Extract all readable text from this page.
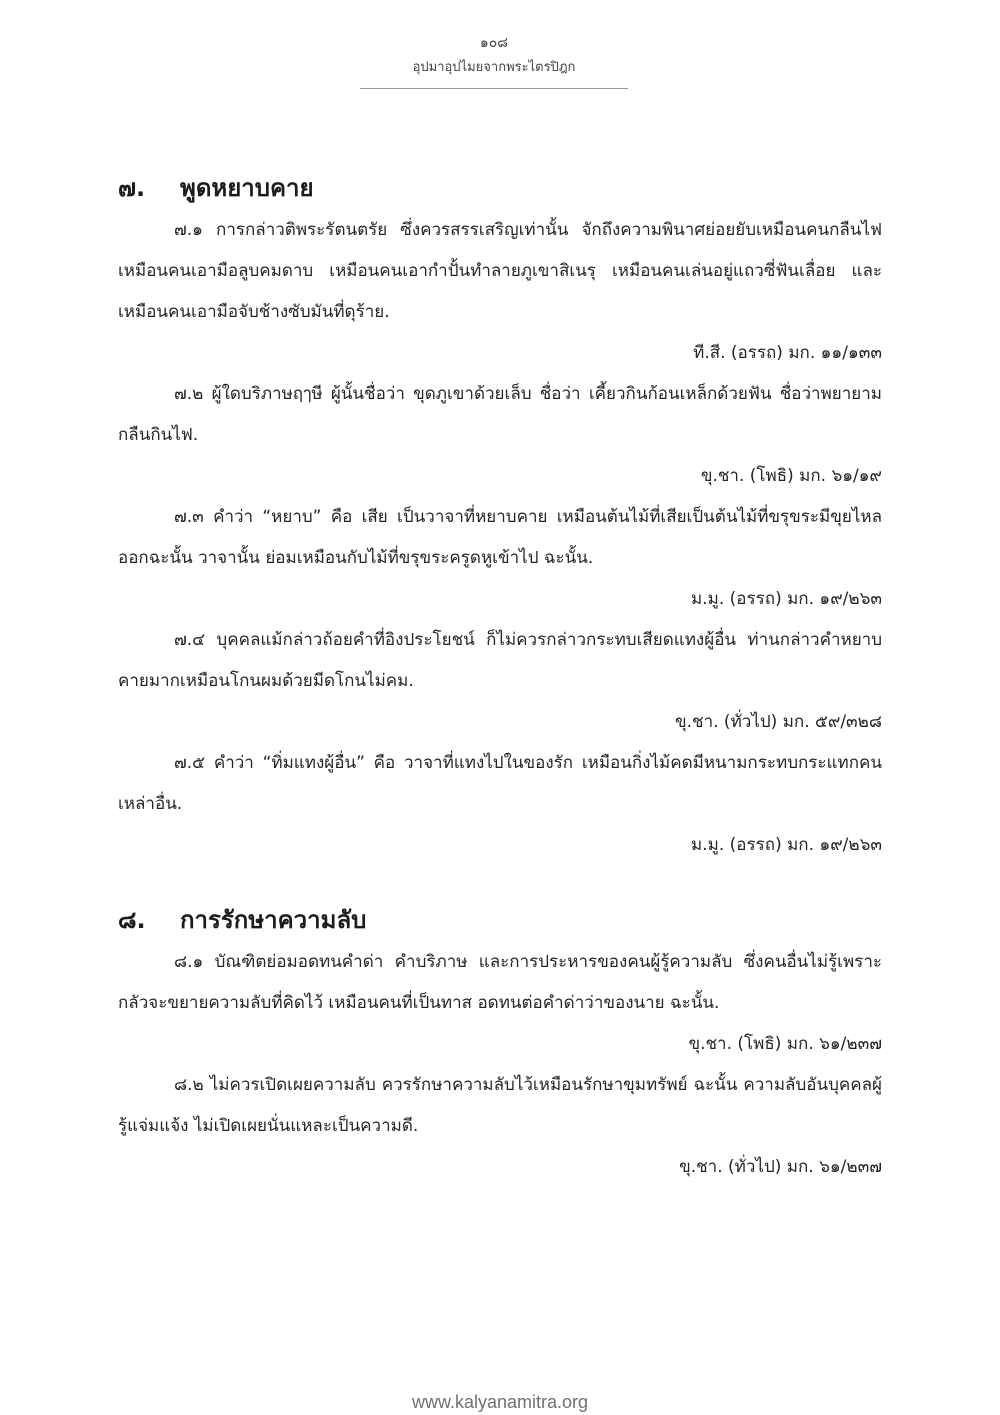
๑๐๘
อุปมาอุปไมยจากพระไตรปิฎก
๗.	พูดหยาบคาย

๗.๑ การกล่าวติพระรัตนตรัย ซึ่งควรสรรเสริญเท่านั้น จักถึงความพินาศย่อยยับเหมือนคนกลืนไฟ เหมือนคนเอามือลูบคมดาบ เหมือนคนเอากำปั้นทำลายภูเขาสิเนรุ เหมือนคนเล่นอยู่แถวซี่ฟันเลื่อย และเหมือนคนเอามือจับช้างซับมันที่ดุร้าย.

ที.สี. (อรรถ) มก. ๑๑/๑๓๓

๗.๒ ผู้ใดบริภาษฤๅษี ผู้นั้นชื่อว่า ขุดภูเขาด้วยเล็บ ชื่อว่า เคี้ยวกินก้อนเหล็กด้วยฟัน ชื่อว่าพยายามกลืนกินไฟ.

ขุ.ชา. (โพธิ) มก. ๖๑/๑๙

๗.๓ คำว่า “หยาบ” คือ เสีย เป็นวาจาที่หยาบคาย เหมือนต้นไม้ที่เสียเป็นต้นไม้ที่ขรุขระมีขุยไหลออกฉะนั้น วาจานั้น ย่อมเหมือนกับไม้ที่ขรุขระครูดหูเข้าไป ฉะนั้น.

ม.มู. (อรรถ) มก. ๑๙/๒๖๓

๗.๔ บุคคลแม้กล่าวถ้อยคำที่อิงประโยชน์ ก็ไม่ควรกล่าวกระทบเสียดแทงผู้อื่น ท่านกล่าวคำหยาบคายมากเหมือนโกนผมด้วยมีดโกนไม่คม.

ขุ.ชา. (ทั่วไป) มก. ๕๙/๓๒๘

๗.๕ คำว่า “ทิ่มแทงผู้อื่น” คือ วาจาที่แทงไปในของรัก เหมือนกิ่งไม้คดมีหนามกระทบกระแทกคนเหล่าอื่น.

ม.มู. (อรรถ) มก. ๑๙/๒๖๓
๘.	การรักษาความลับ

๘.๑ บัณฑิตย่อมอดทนคำด่า คำบริภาษ และการประหารของคนผู้รู้ความลับ ซึ่งคนอื่นไม่รู้เพราะกลัวจะขยายความลับที่คิดไว้ เหมือนคนที่เป็นทาส อดทนต่อคำด่าว่าของนาย ฉะนั้น.

ขุ.ชา. (โพธิ) มก. ๖๑/๒๓๗

๘.๒ ไม่ควรเปิดเผยความลับ ควรรักษาความลับไว้เหมือนรักษาขุมทรัพย์ ฉะนั้น ความลับอันบุคคลผู้รู้แจ่มแจ้ง ไม่เปิดเผยนั่นแหละเป็นความดี.

ขุ.ชา. (ทั่วไป) มก. ๖๑/๒๓๗
www.kalyanamitra.org
